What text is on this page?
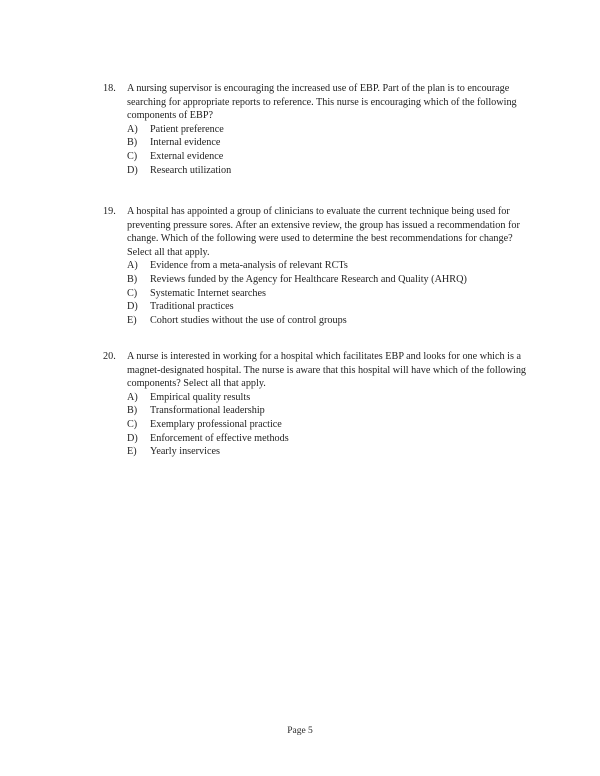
18.	A nursing supervisor is encouraging the increased use of EBP. Part of the plan is to encourage searching for appropriate reports to reference. This nurse is encouraging which of the following components of EBP?

A)	Patient preference
B)	Internal evidence
C)	External evidence
D)	Research utilization
19.	A hospital has appointed a group of clinicians to evaluate the current technique being used for preventing pressure sores. After an extensive review, the group has issued a recommendation for change. Which of the following were used to determine the best recommendations for change? Select all that apply.

A)	Evidence from a meta-analysis of relevant RCTs
B)	Reviews funded by the Agency for Healthcare Research and Quality (AHRQ)
C)	Systematic Internet searches
D)	Traditional practices
E)	Cohort studies without the use of control groups
20.	A nurse is interested in working for a hospital which facilitates EBP and looks for one which is a magnet-designated hospital. The nurse is aware that this hospital will have which of the following components? Select all that apply.

A)	Empirical quality results
B)	Transformational leadership
C)	Exemplary professional practice
D)	Enforcement of effective methods
E)	Yearly inservices
Page 5
